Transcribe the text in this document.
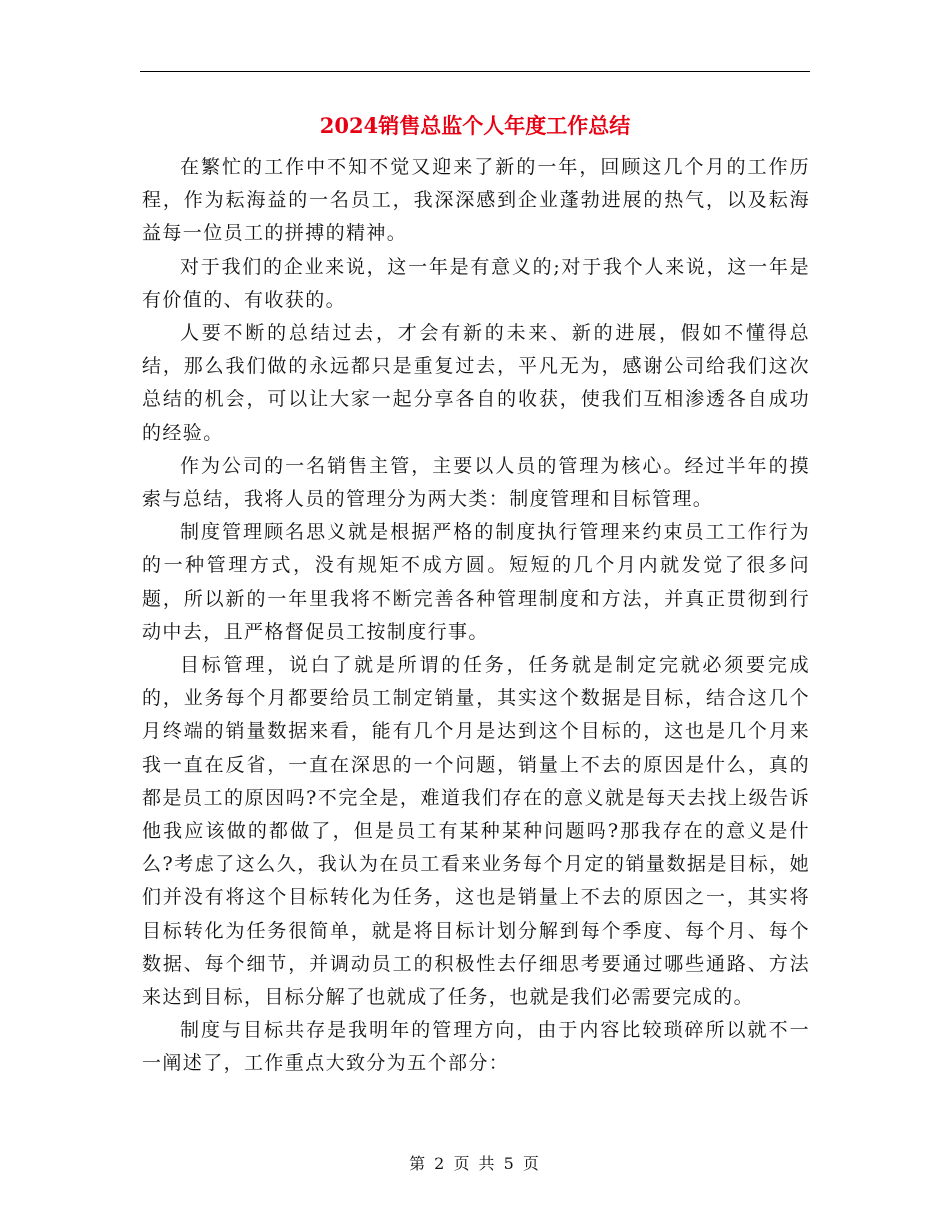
2024销售总监个人年度工作总结

在繁忙的工作中不知不觉又迎来了新的一年，回顾这几个月的工作历程，作为耘海益的一名员工，我深深感到企业蓬勃进展的热气，以及耘海益每一位员工的拼搏的精神。

对于我们的企业来说，这一年是有意义的;对于我个人来说，这一年是有价值的、有收获的。

人要不断的总结过去，才会有新的未来、新的进展，假如不懂得总结，那么我们做的永远都只是重复过去，平凡无为，感谢公司给我们这次总结的机会，可以让大家一起分享各自的收获，使我们互相渗透各自成功的经验。

作为公司的一名销售主管，主要以人员的管理为核心。经过半年的摸索与总结，我将人员的管理分为两大类：制度管理和目标管理。

制度管理顾名思义就是根据严格的制度执行管理来约束员工工作行为的一种管理方式，没有规矩不成方圆。短短的几个月内就发觉了很多问题，所以新的一年里我将不断完善各种管理制度和方法，并真正贯彻到行动中去，且严格督促员工按制度行事。

目标管理，说白了就是所谓的任务，任务就是制定完就必须要完成的，业务每个月都要给员工制定销量，其实这个数据是目标，结合这几个月终端的销量数据来看，能有几个月是达到这个目标的，这也是几个月来我一直在反省，一直在深思的一个问题，销量上不去的原因是什么，真的都是员工的原因吗?不完全是，难道我们存在的意义就是每天去找上级告诉他我应该做的都做了，但是员工有某种某种问题吗?那我存在的意义是什么?考虑了这么久，我认为在员工看来业务每个月定的销量数据是目标，她们并没有将这个目标转化为任务，这也是销量上不去的原因之一，其实将目标转化为任务很简单，就是将目标计划分解到每个季度、每个月、每个数据、每个细节，并调动员工的积极性去仔细思考要通过哪些通路、方法来达到目标，目标分解了也就成了任务，也就是我们必需要完成的。

制度与目标共存是我明年的管理方向，由于内容比较琐碎所以就不一一阐述了，工作重点大致分为五个部分：

第 2 页 共 5 页
